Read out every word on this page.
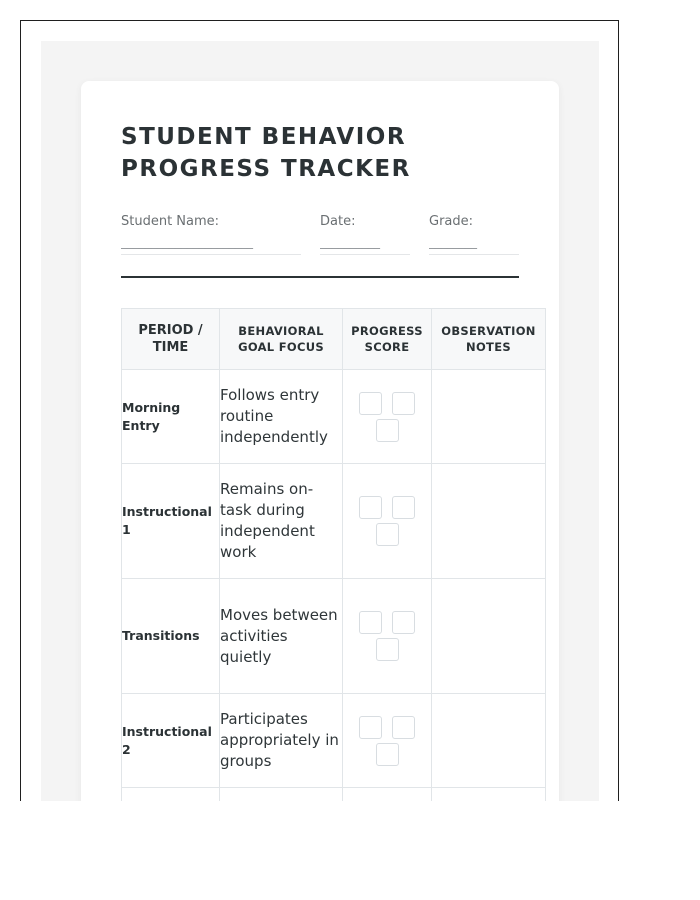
STUDENT BEHAVIOR PROGRESS TRACKER
Student Name:
______________________
Date:
__________
Grade:
________
PERIOD / TIME	BEHAVIORAL GOAL FOCUS	PROGRESS SCORE	OBSERVATION NOTES
Morning Entry	Follows entry routine independently	

Instructional 1	Remains on-task during independent work	

Transitions	Moves between activities quietly	

Instructional 2	Participates appropriately in groups	
